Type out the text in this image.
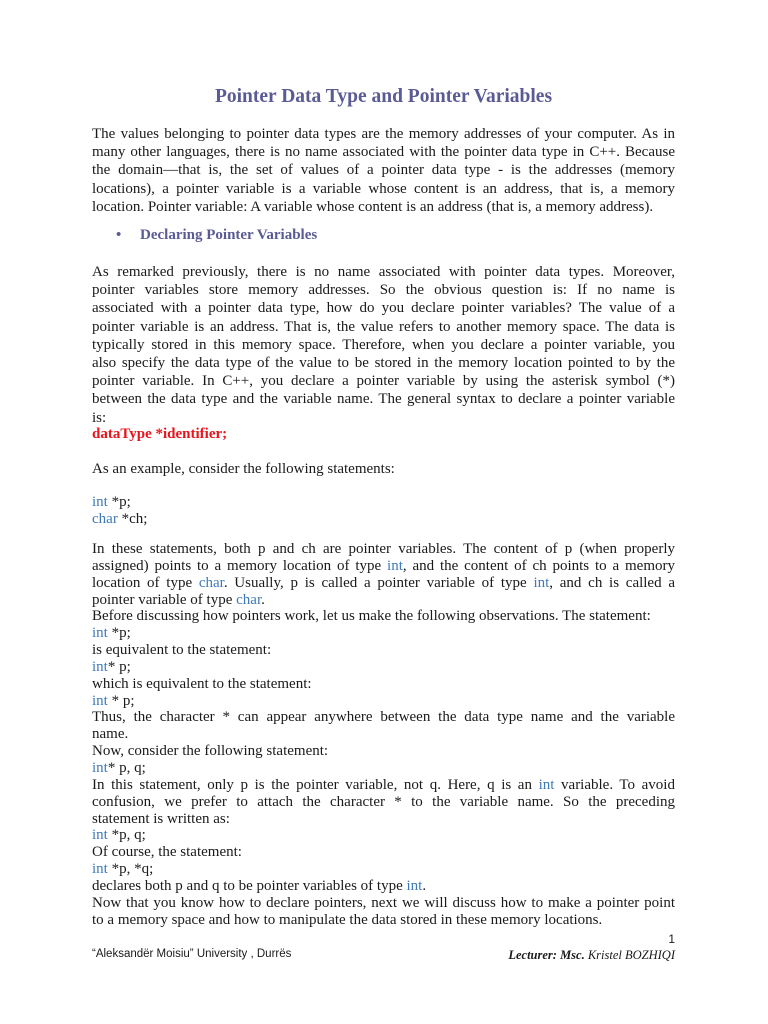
Pointer Data Type and Pointer Variables

The values belonging to pointer data types are the memory addresses of your computer. As in
many other languages, there is no name associated with the pointer data type in C++. Because
the domain—that is, the set of values of a pointer data type - is the addresses (memory
locations), a pointer variable is a variable whose content is an address, that is, a memory
location. Pointer variable: A variable whose content is an address (that is, a memory address).

• Declaring Pointer Variables

As remarked previously, there is no name associated with pointer data types. Moreover,
pointer variables store memory addresses. So the obvious question is: If no name is
associated with a pointer data type, how do you declare pointer variables? The value of a
pointer variable is an address. That is, the value refers to another memory space. The data is
typically stored in this memory space. Therefore, when you declare a pointer variable, you
also specify the data type of the value to be stored in the memory location pointed to by the
pointer variable. In C++, you declare a pointer variable by using the asterisk symbol (*)
between the data type and the variable name. The general syntax to declare a pointer variable
is:

dataType *identifier;
As an example, consider the following statements:
int *p;
char *ch;
In these statements, both p and ch are pointer variables. The content of p (when properly
assigned) points to a memory location of type int, and the content of ch points to a memory
location of type char. Usually, p is called a pointer variable of type int, and ch is called a
pointer variable of type char.
Before discussing how pointers work, let us make the following observations. The statement:
int *p;
is equivalent to the statement:
int* p;
which is equivalent to the statement:
int * p;
Thus, the character * can appear anywhere between the data type name and the variable
name.
Now, consider the following statement:
int* p, q;
In this statement, only p is the pointer variable, not q. Here, q is an int variable. To avoid
confusion, we prefer to attach the character * to the variable name. So the preceding
statement is written as:
int *p, q;
Of course, the statement:
int *p, *q;
declares both p and q to be pointer variables of type int.
Now that you know how to declare pointers, next we will discuss how to make a pointer point
to a memory space and how to manipulate the data stored in these memory locations.
1
“Aleksandër Moisiu” University , Durrës	Lecturer: Msc. Kristel BOZHIQI
